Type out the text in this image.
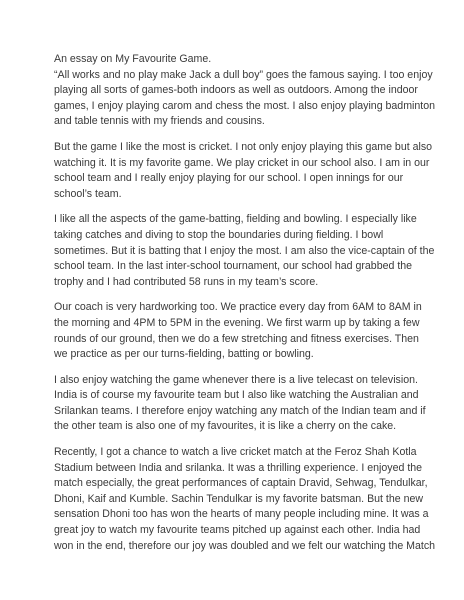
An essay on My Favourite Game.
“All works and no play make Jack a dull boy” goes the famous saying. I too enjoy
playing all sorts of games-both indoors as well as outdoors. Among the indoor
games, I enjoy playing carom and chess the most. I also enjoy playing badminton
and table tennis with my friends and cousins.
But the game I like the most is cricket. I not only enjoy playing this game but also
watching it. It is my favorite game. We play cricket in our school also. I am in our
school team and I really enjoy playing for our school. I open innings for our
school’s team.
I like all the aspects of the game-batting, fielding and bowling. I especially like
taking catches and diving to stop the boundaries during fielding. I bowl
sometimes. But it is batting that I enjoy the most. I am also the vice-captain of the
school team. In the last inter-school tournament, our school had grabbed the
trophy and I had contributed 58 runs in my team’s score.
Our coach is very hardworking too. We practice every day from 6AM to 8AM in
the morning and 4PM to 5PM in the evening. We first warm up by taking a few
rounds of our ground, then we do a few stretching and fitness exercises. Then
we practice as per our turns-fielding, batting or bowling.
I also enjoy watching the game whenever there is a live telecast on television.
India is of course my favourite team but I also like watching the Australian and
Srilankan teams. I therefore enjoy watching any match of the Indian team and if
the other team is also one of my favourites, it is like a cherry on the cake.
Recently, I got a chance to watch a live cricket match at the Feroz Shah Kotla
Stadium between India and srilanka. It was a thrilling experience. I enjoyed the
match especially, the great performances of captain Dravid, Sehwag, Tendulkar,
Dhoni, Kaif and Kumble. Sachin Tendulkar is my favorite batsman. But the new
sensation Dhoni too has won the hearts of many people including mine. It was a
great joy to watch my favourite teams pitched up against each other. India had
won in the end, therefore our joy was doubled and we felt our watching the Match
